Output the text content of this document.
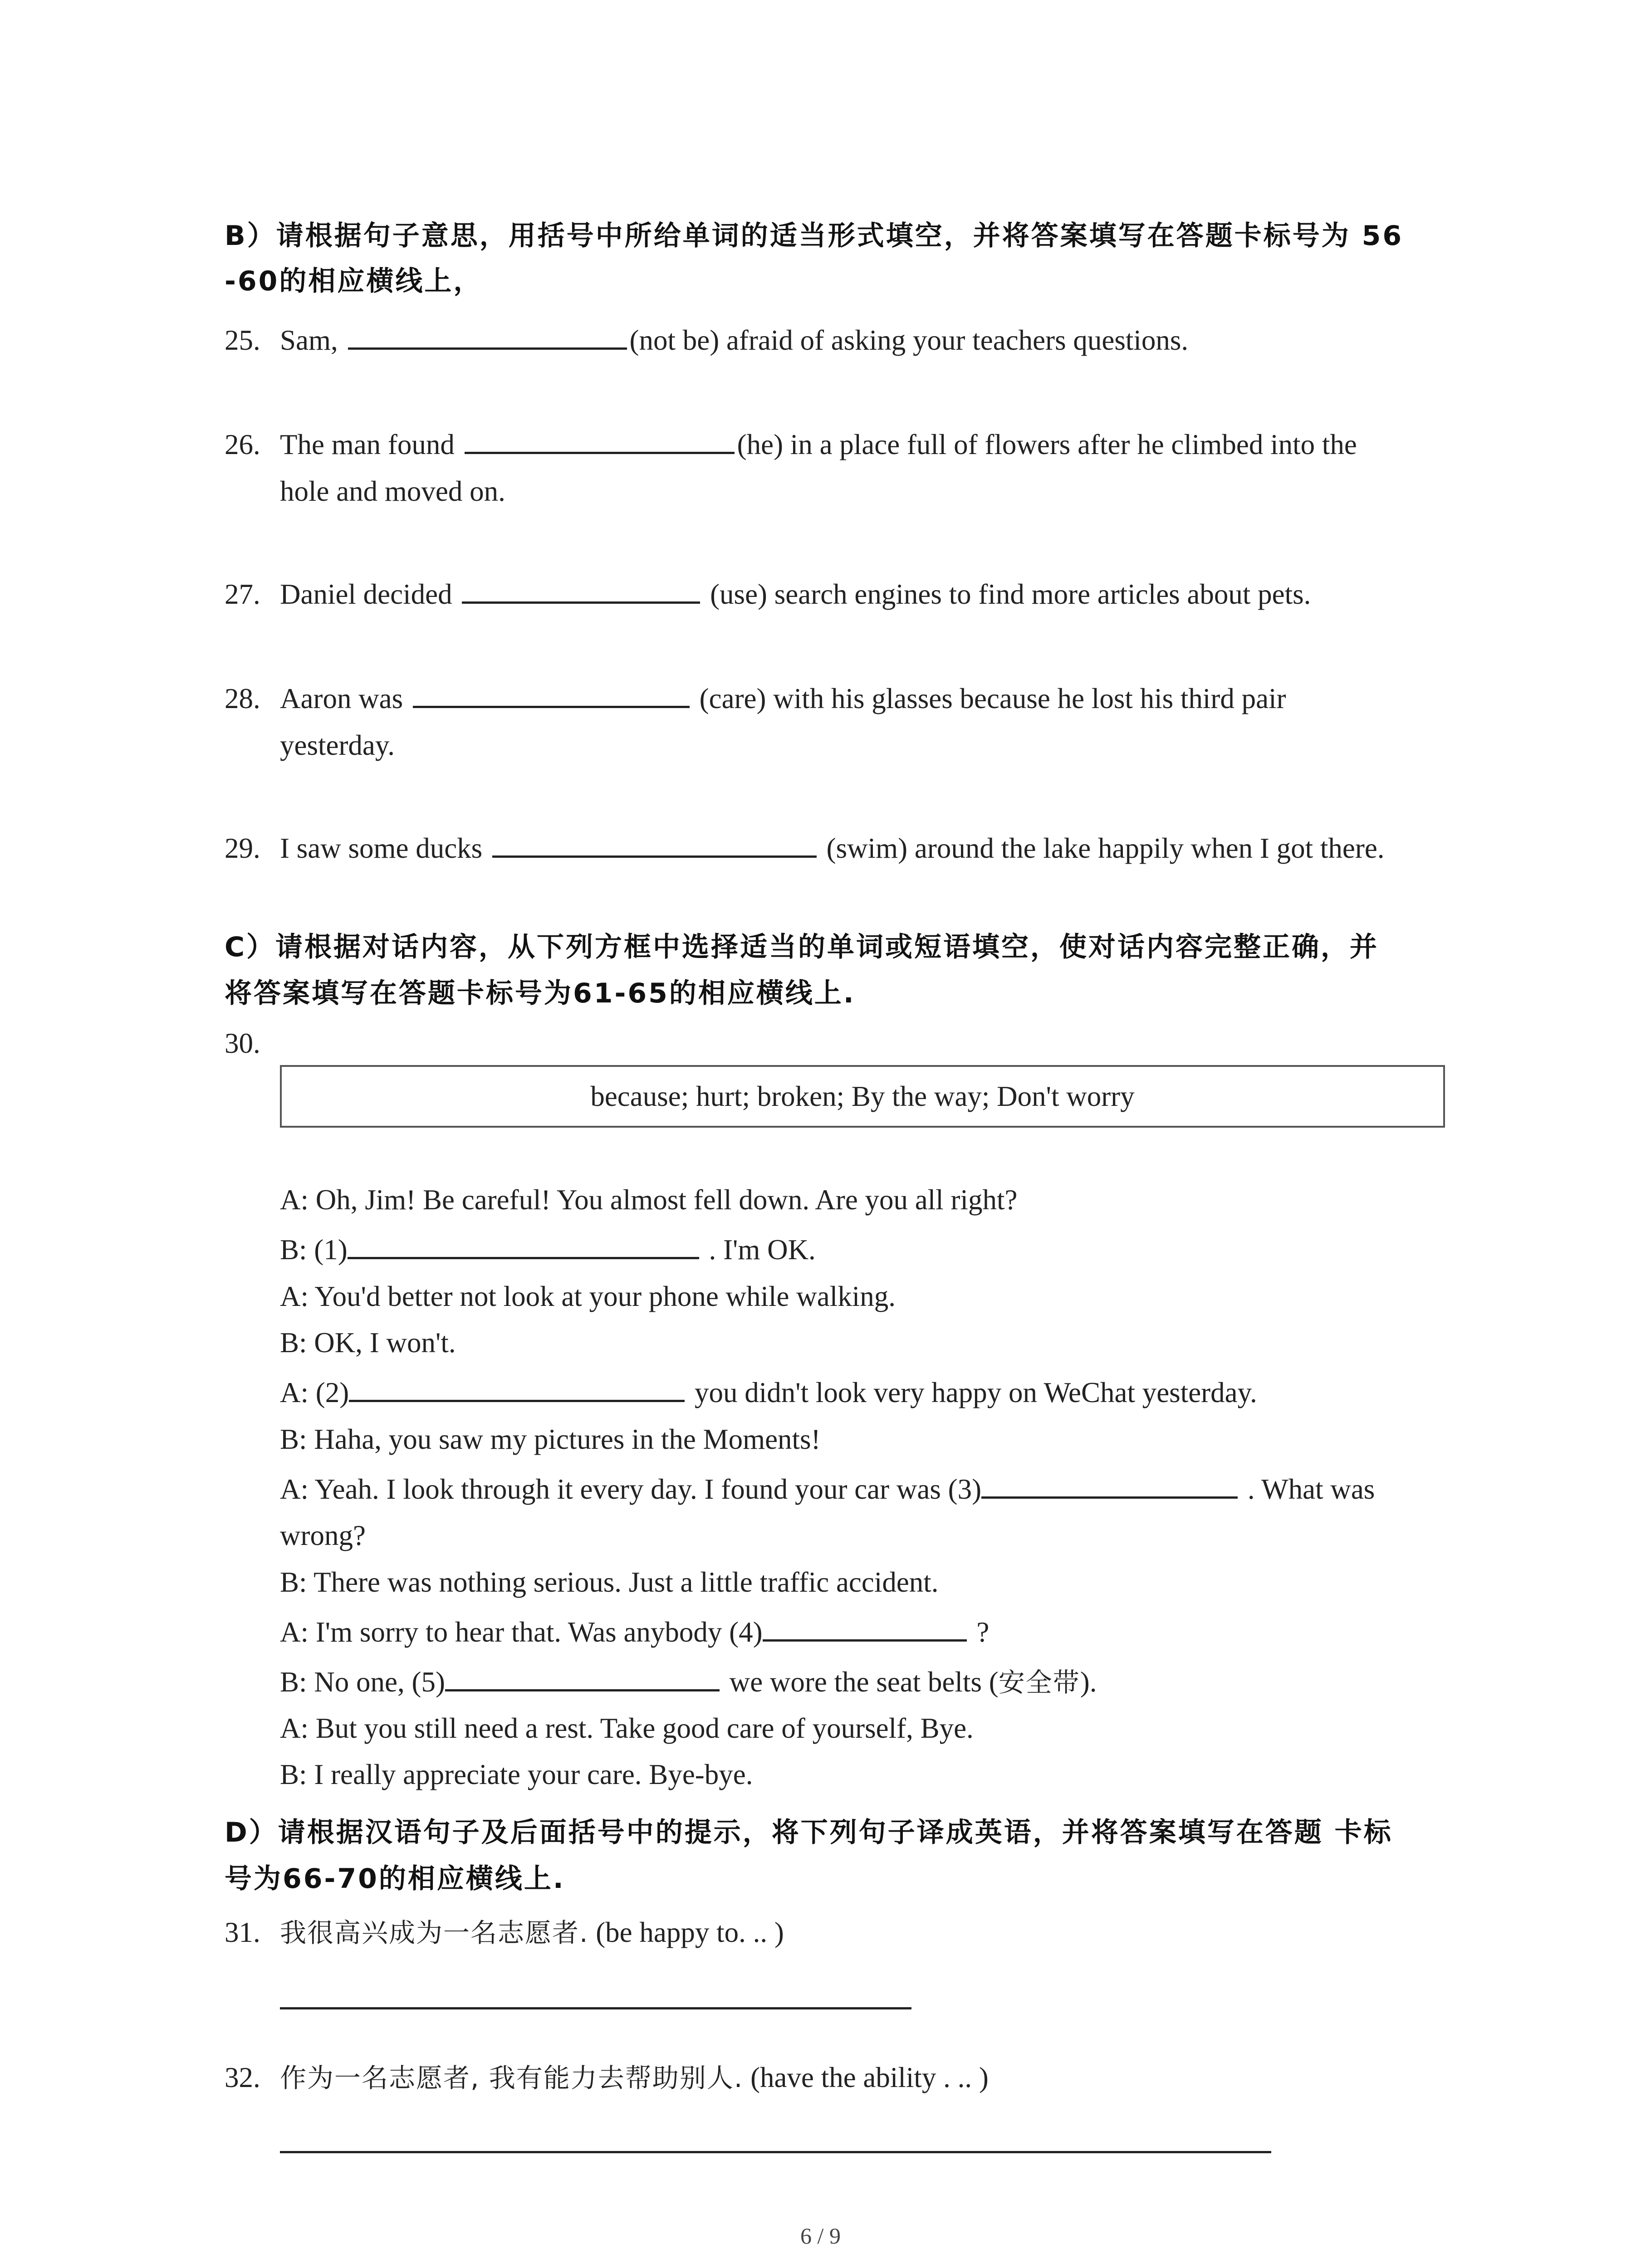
B）请根据句子意思，用括号中所给单词的适当形式填空，并将答案填写在答题卡标号为 56
-60的相应横线上，
25. Sam,	(not be) afraid of asking your teachers questions.
26. The man found	(he) in a place full of flowers after he climbed into the
hole and moved on.
27. Daniel decided	(use) search engines to find more articles about pets.
28. Aaron was	(care) with his glasses because he lost his third pair
yesterday.
29. I saw some ducks	(swim) around the lake happily when I got there.
C）请根据对话内容，从下列方框中选择适当的单词或短语填空，使对话内容完整正确，并
将答案填写在答题卡标号为61-65的相应横线上.
30.
because; hurt; broken; By the way; Don't worry
A: Oh, Jim! Be careful! You almost fell down. Are you all right?
B: (1)	. I'm OK.
A: You'd better not look at your phone while walking.
B: OK, I won't.
A: (2)	you didn't look very happy on WeChat yesterday.
B: Haha, you saw my pictures in the Moments!
A: Yeah. I look through it every day. I found your car was (3)	. What was
wrong?
B: There was nothing serious. Just a little traffic accident.
A: I'm sorry to hear that. Was anybody (4)	?
B: No one, (5)	we wore the seat belts (安全带).
A: But you still need a rest. Take good care of yourself, Bye.
B: I really appreciate your care. Bye-bye.
D）请根据汉语句子及后面括号中的提示，将下列句子译成英语，并将答案填写在答题 卡标
号为66-70的相应横线上.
31. 我很高兴成为一名志愿者. (be happy to. .. )
32. 作为一名志愿者, 我有能力去帮助别人. (have the ability . .. )
6 / 9
